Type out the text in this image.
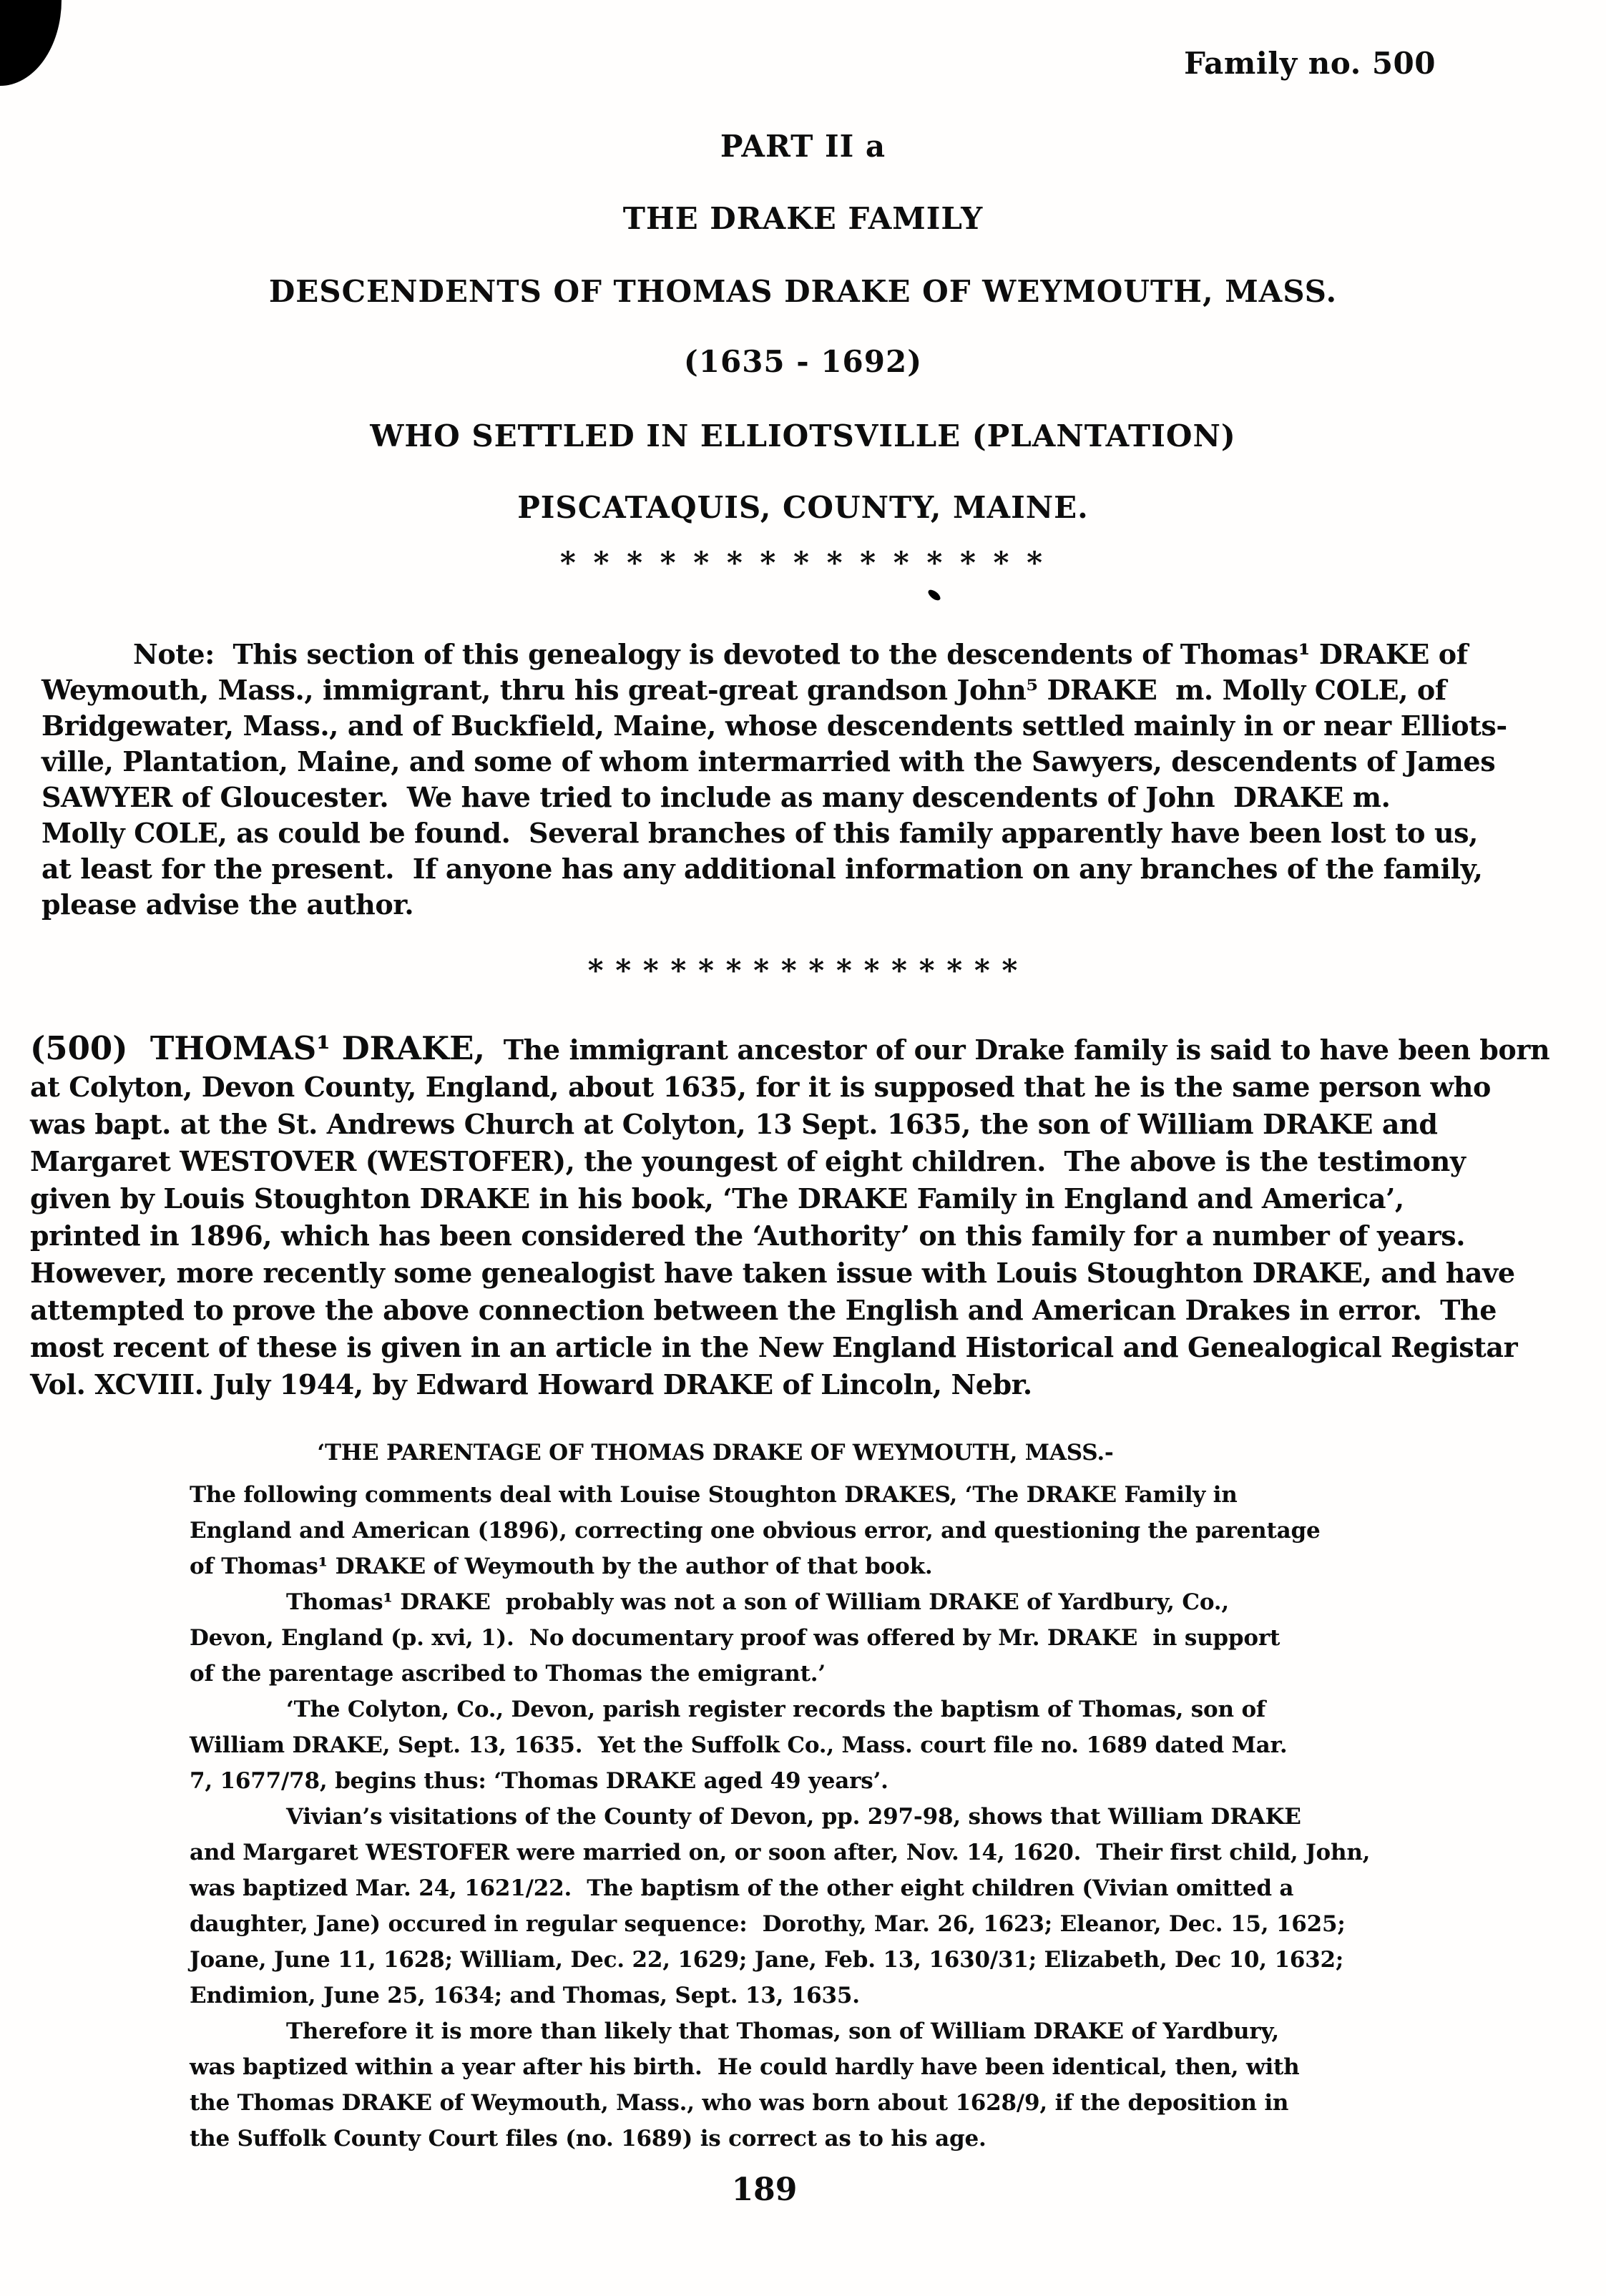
Family no. 500
PART II a
THE DRAKE FAMILY
DESCENDENTS OF THOMAS DRAKE OF WEYMOUTH, MASS.
(1635 - 1692)
WHO SETTLED IN ELLIOTSVILLE (PLANTATION)
PISCATAQUIS, COUNTY, MAINE.
* * * * * * * * * * * * * * *
Note:  This section of this genealogy is devoted to the descendents of Thomas¹ DRAKE of
Weymouth, Mass., immigrant, thru his great-great grandson John⁵ DRAKE  m. Molly COLE, of
Bridgewater, Mass., and of Buckfield, Maine, whose descendents settled mainly in or near Elliots-
ville, Plantation, Maine, and some of whom intermarried with the Sawyers, descendents of James
SAWYER of Gloucester.  We have tried to include as many descendents of John  DRAKE m.
Molly COLE, as could be found.  Several branches of this family apparently have been lost to us,
at least for the present.  If anyone has any additional information on any branches of the family,
please advise the author.
* * * * * * * * * * * * * * * *
(500)  THOMAS¹ DRAKE,  The immigrant ancestor of our Drake family is said to have been born
at Colyton, Devon County, England, about 1635, for it is supposed that he is the same person who
was bapt. at the St. Andrews Church at Colyton, 13 Sept. 1635, the son of William DRAKE and
Margaret WESTOVER (WESTOFER), the youngest of eight children.  The above is the testimony
given by Louis Stoughton DRAKE in his book, ‘The DRAKE Family in England and America’,
printed in 1896, which has been considered the ‘Authority’ on this family for a number of years.
However, more recently some genealogist have taken issue with Louis Stoughton DRAKE, and have
attempted to prove the above connection between the English and American Drakes in error.  The
most recent of these is given in an article in the New England Historical and Genealogical Registar
Vol. XCVIII. July 1944, by Edward Howard DRAKE of Lincoln, Nebr.
‘THE PARENTAGE OF THOMAS DRAKE OF WEYMOUTH, MASS.-
The following comments deal with Louise Stoughton DRAKES, ‘The DRAKE Family in
England and American (1896), correcting one obvious error, and questioning the parentage
of Thomas¹ DRAKE of Weymouth by the author of that book.
Thomas¹ DRAKE  probably was not a son of William DRAKE of Yardbury, Co.,
Devon, England (p. xvi, 1).  No documentary proof was offered by Mr. DRAKE  in support
of the parentage ascribed to Thomas the emigrant.’
‘The Colyton, Co., Devon, parish register records the baptism of Thomas, son of
William DRAKE, Sept. 13, 1635.  Yet the Suffolk Co., Mass. court file no. 1689 dated Mar.
7, 1677/78, begins thus: ‘Thomas DRAKE aged 49 years’.
Vivian’s visitations of the County of Devon, pp. 297-98, shows that William DRAKE
and Margaret WESTOFER were married on, or soon after, Nov. 14, 1620.  Their first child, John,
was baptized Mar. 24, 1621/22.  The baptism of the other eight children (Vivian omitted a
daughter, Jane) occured in regular sequence:  Dorothy, Mar. 26, 1623; Eleanor, Dec. 15, 1625;
Joane, June 11, 1628; William, Dec. 22, 1629; Jane, Feb. 13, 1630/31; Elizabeth, Dec 10, 1632;
Endimion, June 25, 1634; and Thomas, Sept. 13, 1635.
Therefore it is more than likely that Thomas, son of William DRAKE of Yardbury,
was baptized within a year after his birth.  He could hardly have been identical, then, with
the Thomas DRAKE of Weymouth, Mass., who was born about 1628/9, if the deposition in
the Suffolk County Court files (no. 1689) is correct as to his age.
189
